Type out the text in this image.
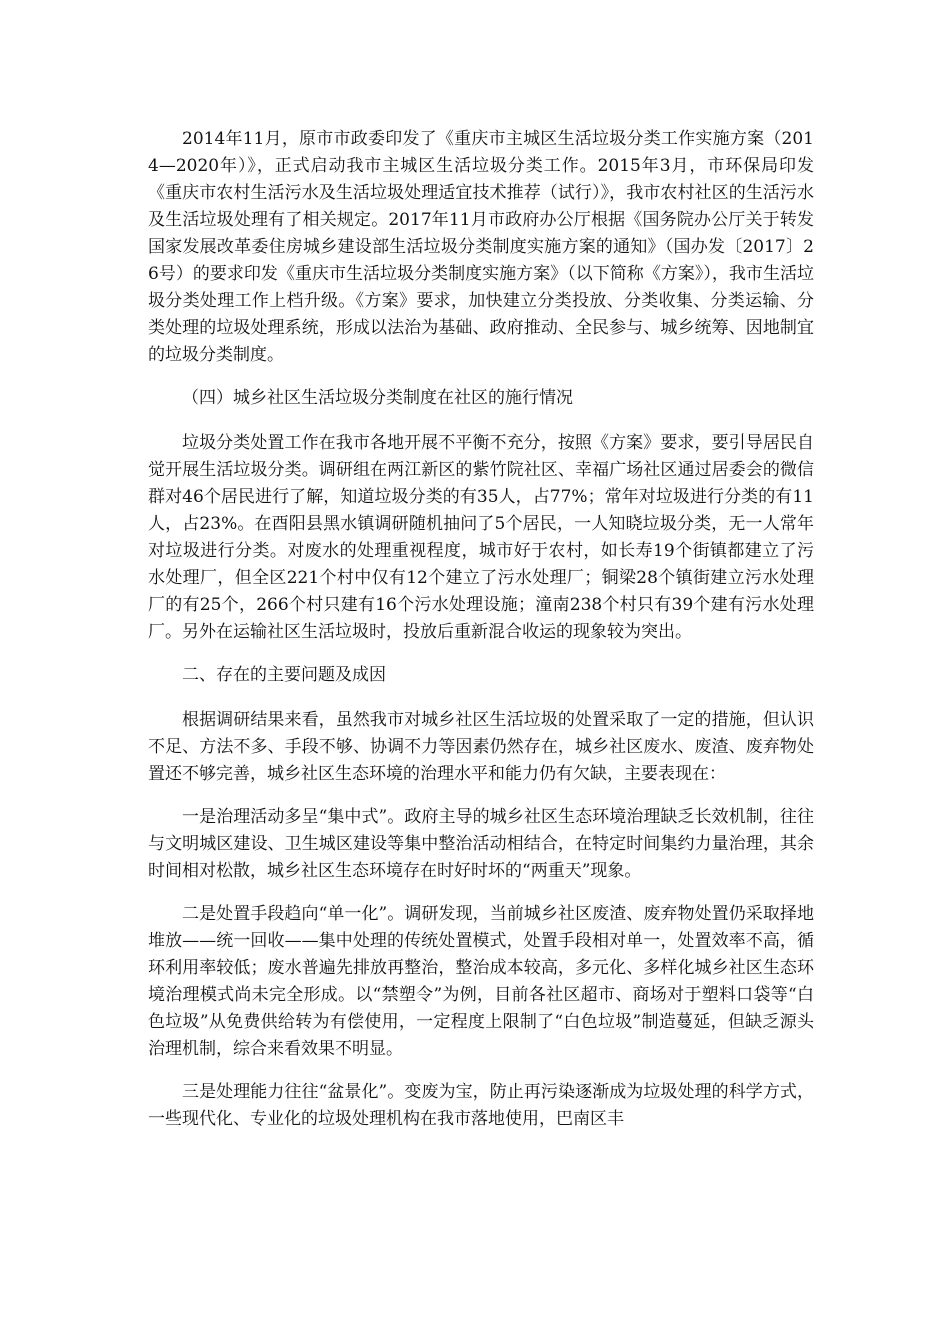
2014年11月，原市市政委印发了《重庆市主城区生活垃圾分类工作实施方案（2014—2020年）》，正式启动我市主城区生活垃圾分类工作。2015年3月，市环保局印发《重庆市农村生活污水及生活垃圾处理适宜技术推荐（试行）》，我市农村社区的生活污水及生活垃圾处理有了相关规定。2017年11月市政府办公厅根据《国务院办公厅关于转发国家发展改革委住房城乡建设部生活垃圾分类制度实施方案的通知》（国办发〔2017〕26号）的要求印发《重庆市生活垃圾分类制度实施方案》（以下简称《方案》），我市生活垃圾分类处理工作上档升级。《方案》要求，加快建立分类投放、分类收集、分类运输、分类处理的垃圾处理系统，形成以法治为基础、政府推动、全民参与、城乡统筹、因地制宜的垃圾分类制度。

（四）城乡社区生活垃圾分类制度在社区的施行情况

垃圾分类处置工作在我市各地开展不平衡不充分，按照《方案》要求，要引导居民自觉开展生活垃圾分类。调研组在两江新区的紫竹院社区、幸福广场社区通过居委会的微信群对46个居民进行了解，知道垃圾分类的有35人，占77%；常年对垃圾进行分类的有11人，占23%。在酉阳县黑水镇调研随机抽问了5个居民，一人知晓垃圾分类，无一人常年对垃圾进行分类。对废水的处理重视程度，城市好于农村，如长寿19个街镇都建立了污水处理厂，但全区221个村中仅有12个建立了污水处理厂；铜梁28个镇街建立污水处理厂的有25个，266个村只建有16个污水处理设施；潼南238个村只有39个建有污水处理厂。另外在运输社区生活垃圾时，投放后重新混合收运的现象较为突出。

二、存在的主要问题及成因

根据调研结果来看，虽然我市对城乡社区生活垃圾的处置采取了一定的措施，但认识不足、方法不多、手段不够、协调不力等因素仍然存在，城乡社区废水、废渣、废弃物处置还不够完善，城乡社区生态环境的治理水平和能力仍有欠缺，主要表现在：

一是治理活动多呈“集中式”。政府主导的城乡社区生态环境治理缺乏长效机制，往往与文明城区建设、卫生城区建设等集中整治活动相结合，在特定时间集约力量治理，其余时间相对松散，城乡社区生态环境存在时好时坏的“两重天”现象。

二是处置手段趋向“单一化”。调研发现，当前城乡社区废渣、废弃物处置仍采取择地堆放——统一回收——集中处理的传统处置模式，处置手段相对单一，处置效率不高，循环利用率较低；废水普遍先排放再整治，整治成本较高，多元化、多样化城乡社区生态环境治理模式尚未完全形成。以“禁塑令”为例，目前各社区超市、商场对于塑料口袋等“白色垃圾”从免费供给转为有偿使用，一定程度上限制了“白色垃圾”制造蔓延，但缺乏源头治理机制，综合来看效果不明显。

三是处理能力往往“盆景化”。变废为宝，防止再污染逐渐成为垃圾处理的科学方式，一些现代化、专业化的垃圾处理机构在我市落地使用，巴南区丰
